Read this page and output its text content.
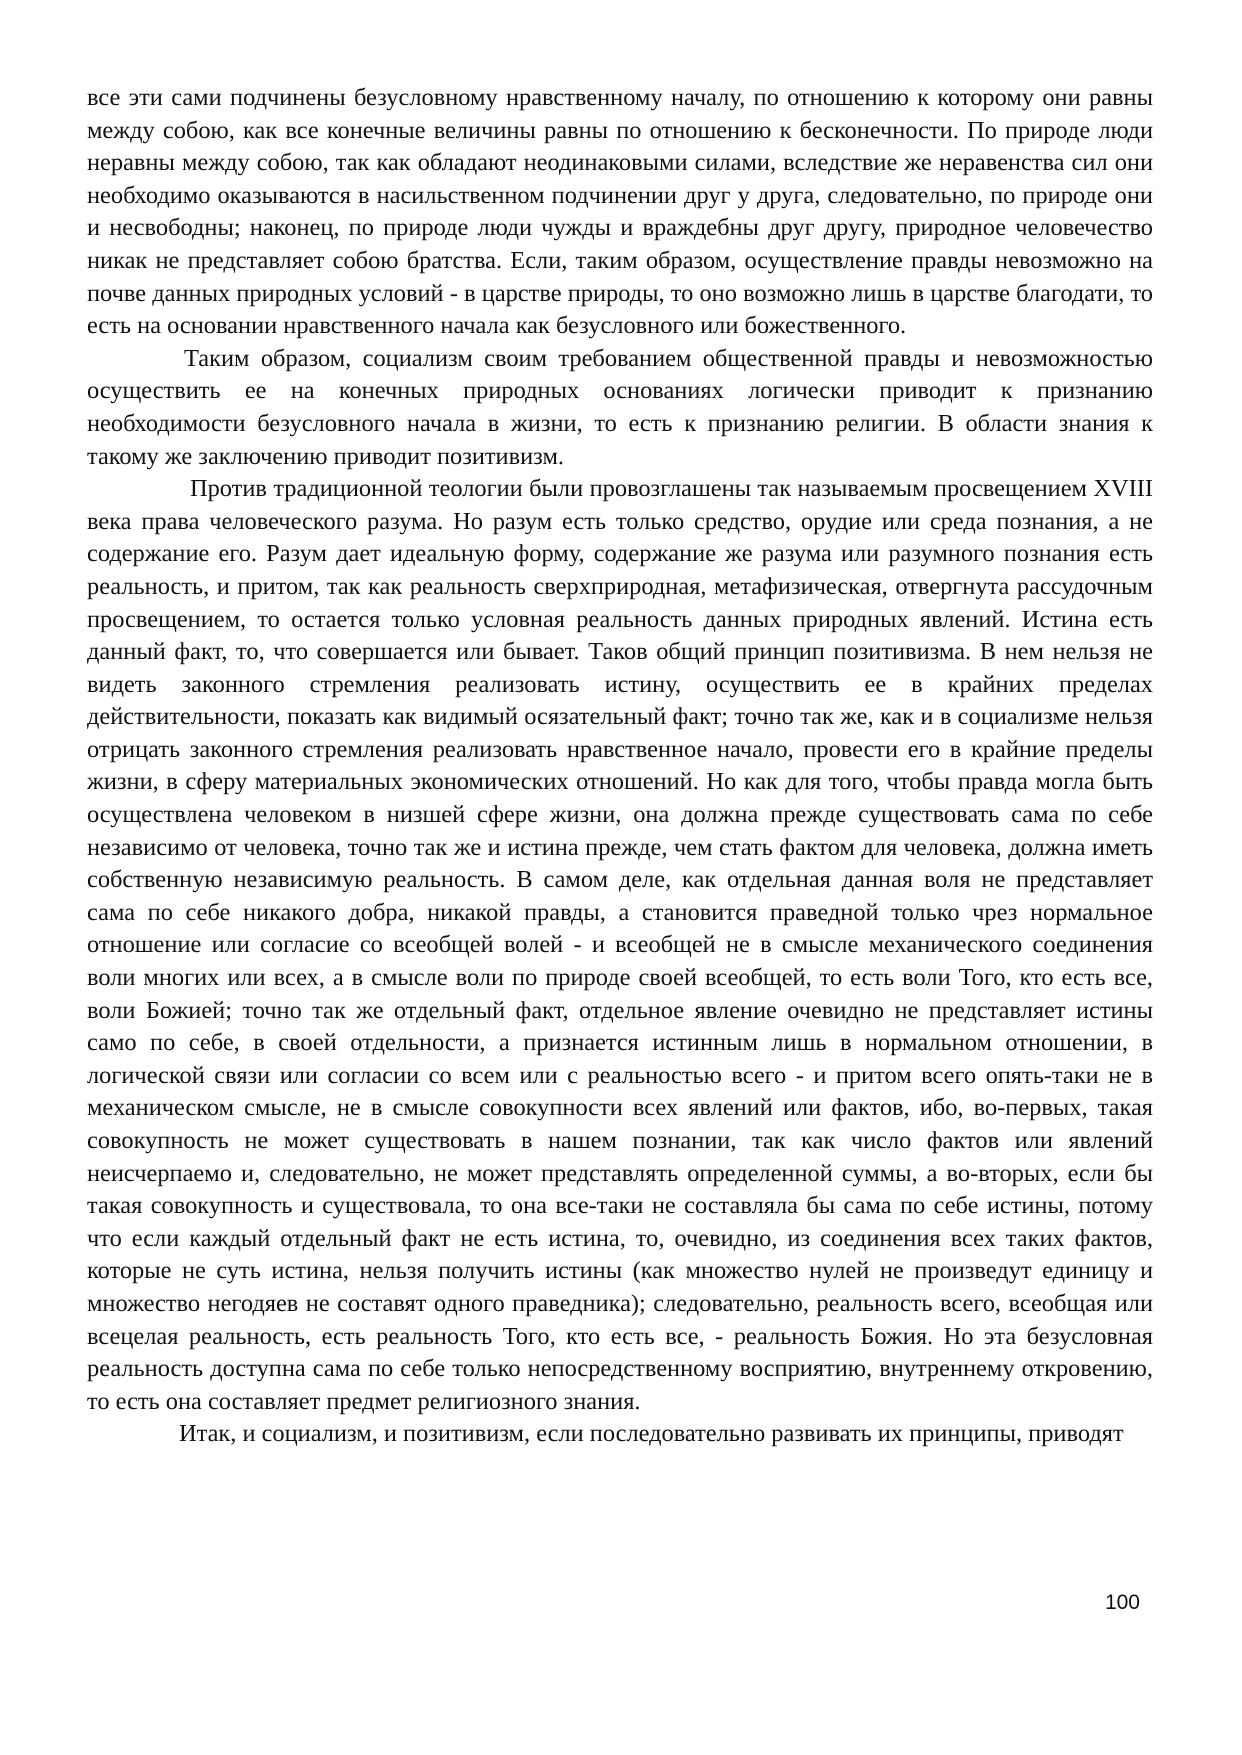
все эти сами подчинены безусловному нравственному началу, по отношению к которому они равны между собою, как все конечные величины равны по отношению к бесконечности. По природе люди неравны между собою, так как обладают неодинаковыми силами, вследствие же неравенства сил они необходимо оказываются в насильственном подчинении друг у друга, следовательно, по природе они и несвободны; наконец, по природе люди чужды и враждебны друг другу, природное человечество никак не представляет собою братства. Если, таким образом, осуществление правды невозможно на почве данных природных условий - в царстве природы, то оно возможно лишь в царстве благодати, то есть на основании нравственного начала как безусловного или божественного.

Таким образом, социализм своим требованием общественной правды и невозможностью осуществить ее на конечных природных основаниях логически приводит к признанию необходимости безусловного начала в жизни, то есть к признанию религии. В области знания к такому же заключению приводит позитивизм.

Против традиционной теологии были провозглашены так называемым просвещением XVIII века права человеческого разума. Но разум есть только средство, орудие или среда познания, а не содержание его. Разум дает идеальную форму, содержание же разума или разумного познания есть реальность, и притом, так как реальность сверхприродная, метафизическая, отвергнута рассудочным просвещением, то остается только условная реальность данных природных явлений. Истина есть данный факт, то, что совершается или бывает. Таков общий принцип позитивизма. В нем нельзя не видеть законного стремления реализовать истину, осуществить ее в крайних пределах действительности, показать как видимый осязательный факт; точно так же, как и в социализме нельзя отрицать законного стремления реализовать нравственное начало, провести его в крайние пределы жизни, в сферу материальных экономических отношений. Но как для того, чтобы правда могла быть осуществлена человеком в низшей сфере жизни, она должна прежде существовать сама по себе независимо от человека, точно так же и истина прежде, чем стать фактом для человека, должна иметь собственную независимую реальность. В самом деле, как отдельная данная воля не представляет сама по себе никакого добра, никакой правды, а становится праведной только чрез нормальное отношение или согласие со всеобщей волей - и всеобщей не в смысле механического соединения воли многих или всех, а в смысле воли по природе своей всеобщей, то есть воли Того, кто есть все, воли Божией; точно так же отдельный факт, отдельное явление очевидно не представляет истины само по себе, в своей отдельности, а признается истинным лишь в нормальном отношении, в логической связи или согласии со всем или с реальностью всего - и притом всего опять-таки не в механическом смысле, не в смысле совокупности всех явлений или фактов, ибо, во-первых, такая совокупность не может существовать в нашем познании, так как число фактов или явлений неисчерпаемо и, следовательно, не может представлять определенной суммы, а во-вторых, если бы такая совокупность и существовала, то она все-таки не составляла бы сама по себе истины, потому что если каждый отдельный факт не есть истина, то, очевидно, из соединения всех таких фактов, которые не суть истина, нельзя получить истины (как множество нулей не произведут единицу и множество негодяев не составят одного праведника); следовательно, реальность всего, всеобщая или всецелая реальность, есть реальность Того, кто есть все, - реальность Божия. Но эта безусловная реальность доступна сама по себе только непосредственному восприятию, внутреннему откровению, то есть она составляет предмет религиозного знания.

Итак, и социализм, и позитивизм, если последовательно развивать их принципы, приводят

100
